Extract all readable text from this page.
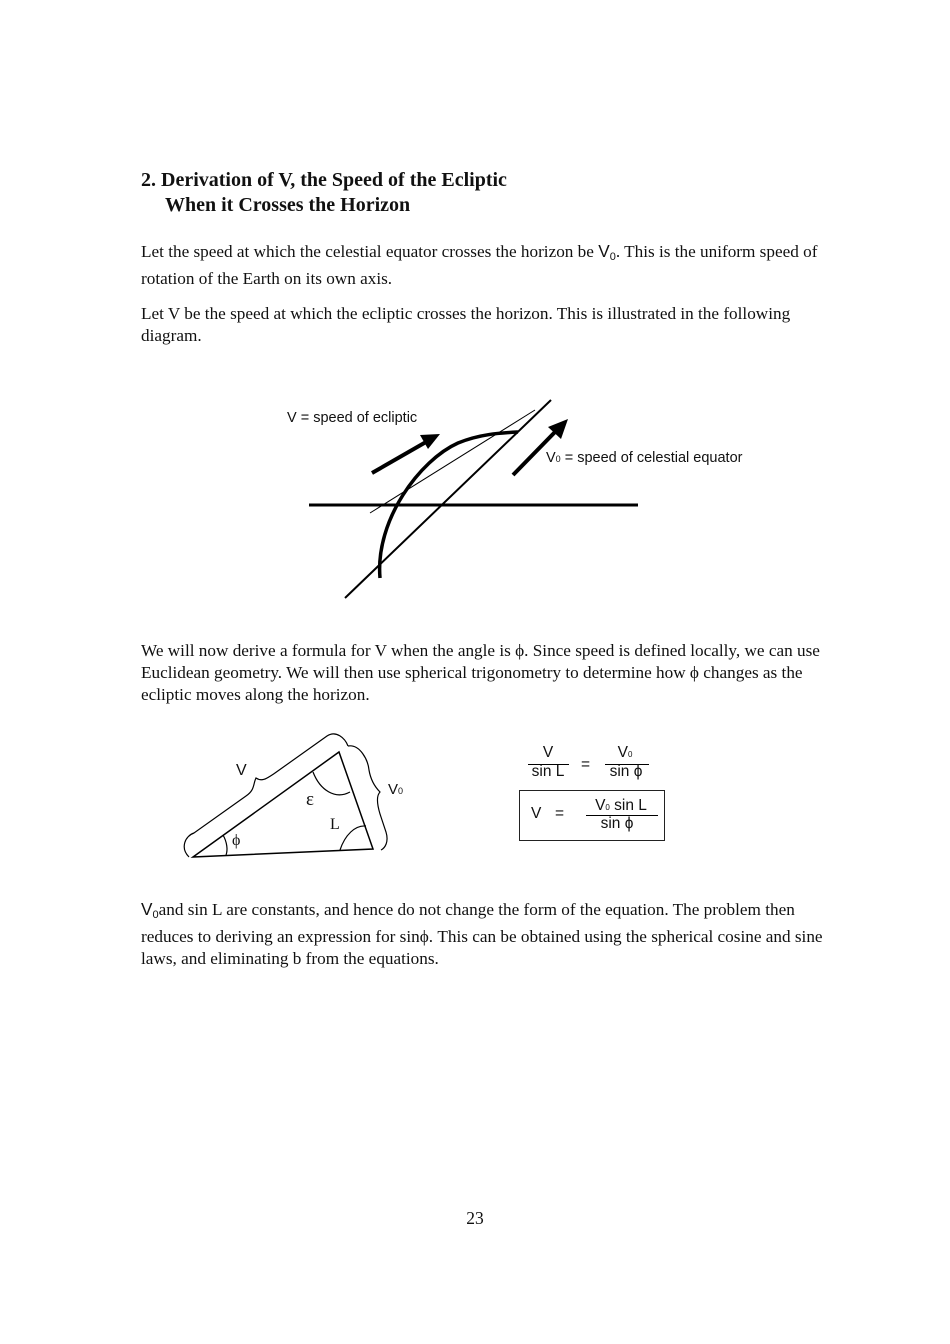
2. Derivation of V, the Speed of the Ecliptic
When it Crosses the Horizon
Let the speed at which the celestial equator crosses the horizon be $V_0$. This is the uniform speed of rotation of the Earth on its own axis.
Let V be the speed at which the ecliptic crosses the horizon. This is illustrated in the following diagram.
V = speed of ecliptic
V0 = speed of celestial equator
V
ε
L
ϕ
V0
V
sin L	=
V0
sin ϕ
V =	V0 sin L
sin ϕ
We will now derive a formula for V when the angle is ϕ. Since speed is defined locally, we can use Euclidean geometry. We will then use spherical trigonometry to determine how ϕ changes as the ecliptic moves along the horizon.
$V_0and$ sin L are constants, and hence do not change the form of the equation. The problem then reduces to deriving an expression for sinϕ. This can be obtained using the spherical cosine and sine laws, and eliminating b from the equations.
23
